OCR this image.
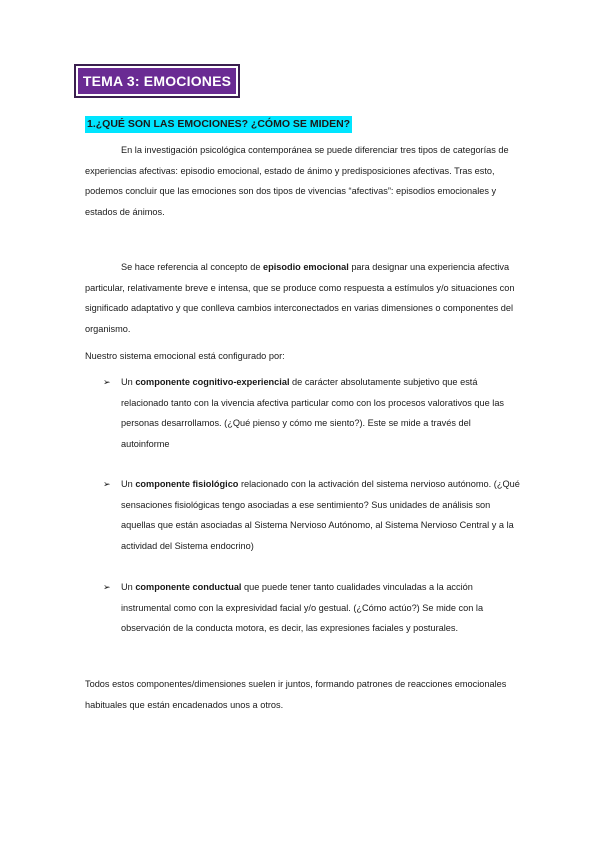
TEMA 3: EMOCIONES
1.¿QUÉ SON LAS EMOCIONES? ¿CÓMO SE MIDEN?

En la investigación psicológica contemporánea se puede diferenciar tres tipos de categorías de experiencias afectivas: episodio emocional, estado de ánimo y predisposiciones afectivas. Tras esto, podemos concluir que las emociones son dos tipos de vivencias “afectivas”: episodios emocionales y estados de ánimos.

Se hace referencia al concepto de episodio emocional para designar una experiencia afectiva particular, relativamente breve e intensa, que se produce como respuesta a estímulos y/o situaciones con significado adaptativo y que conlleva cambios interconectados en varias dimensiones o componentes del organismo.

Nuestro sistema emocional está configurado por:

➢ Un componente cognitivo-experiencial de carácter absolutamente subjetivo que está relacionado tanto con la vivencia afectiva particular como con los procesos valorativos que las personas desarrollamos. (¿Qué pienso y cómo me siento?). Este se mide a través del autoinforme

➢ Un componente fisiológico relacionado con la activación del sistema nervioso autónomo. (¿Qué sensaciones fisiológicas tengo asociadas a ese sentimiento? Sus unidades de análisis son aquellas que están asociadas al Sistema Nervioso Autónomo, al Sistema Nervioso Central y a la actividad del Sistema endocrino)

➢ Un componente conductual que puede tener tanto cualidades vinculadas a la acción instrumental como con la expresividad facial y/o gestual. (¿Cómo actúo?) Se mide con la observación de la conducta motora, es decir, las expresiones faciales y posturales.

Todos estos componentes/dimensiones suelen ir juntos, formando patrones de reacciones emocionales habituales que están encadenados unos a otros.
